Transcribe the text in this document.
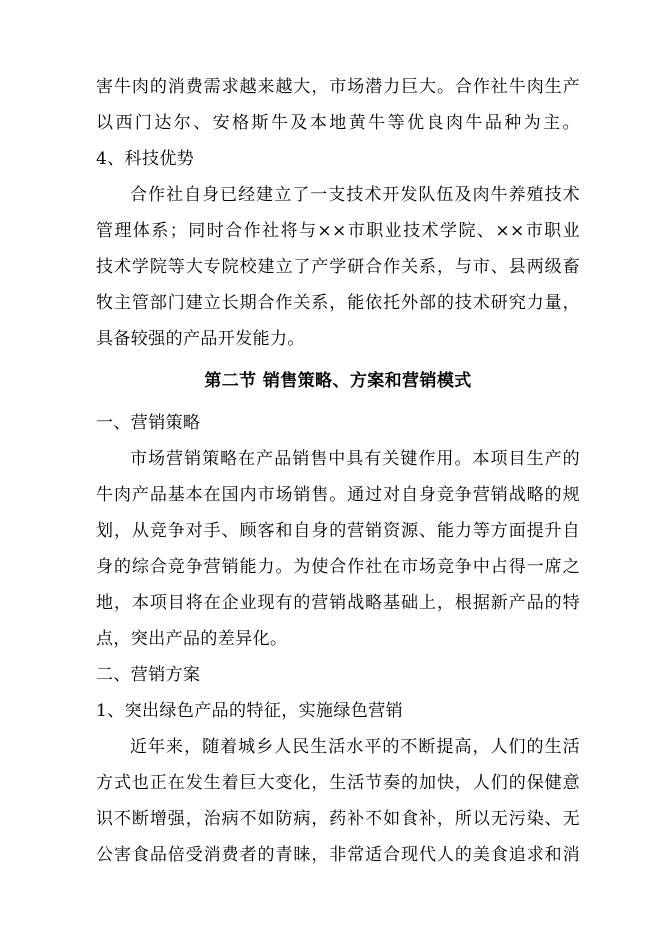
害牛肉的消费需求越来越大，市场潜力巨大。合作社牛肉生产
以西门达尔、安格斯牛及本地黄牛等优良肉牛品种为主。
4、科技优势
合作社自身已经建立了一支技术开发队伍及肉牛养殖技术
管理体系；同时合作社将与××市职业技术学院、××市职业
技术学院等大专院校建立了产学研合作关系，与市、县两级畜
牧主管部门建立长期合作关系，能依托外部的技术研究力量，
具备较强的产品开发能力。
第二节 销售策略、方案和营销模式
一、营销策略
市场营销策略在产品销售中具有关键作用。本项目生产的
牛肉产品基本在国内市场销售。通过对自身竞争营销战略的规
划，从竞争对手、顾客和自身的营销资源、能力等方面提升自
身的综合竞争营销能力。为使合作社在市场竞争中占得一席之
地，本项目将在企业现有的营销战略基础上，根据新产品的特
点，突出产品的差异化。
二、营销方案
1、突出绿色产品的特征，实施绿色营销
近年来，随着城乡人民生活水平的不断提高，人们的生活
方式也正在发生着巨大变化，生活节奏的加快，人们的保健意
识不断增强，治病不如防病，药补不如食补，所以无污染、无
公害食品倍受消费者的青睐，非常适合现代人的美食追求和消
